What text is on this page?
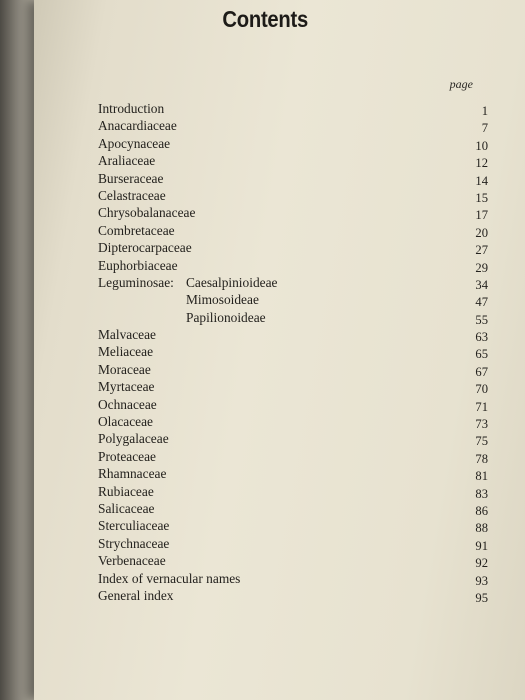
Contents
page
Introduction	1
Anacardiaceae	7
Apocynaceae	10
Araliaceae	12
Burseraceae	14
Celastraceae	15
Chrysobalanaceae	17
Combretaceae	20
Dipterocarpaceae	27
Euphorbiaceae	29
Leguminosae: Caesalpinioideae	34
Mimosoideae	47
Papilionoideae	55
Malvaceae	63
Meliaceae	65
Moraceae	67
Myrtaceae	70
Ochnaceae	71
Olacaceae	73
Polygalaceae	75
Proteaceae	78
Rhamnaceae	81
Rubiaceae	83
Salicaceae	86
Sterculiaceae	88
Strychnaceae	91
Verbenaceae	92
Index of vernacular names	93
General index	95
